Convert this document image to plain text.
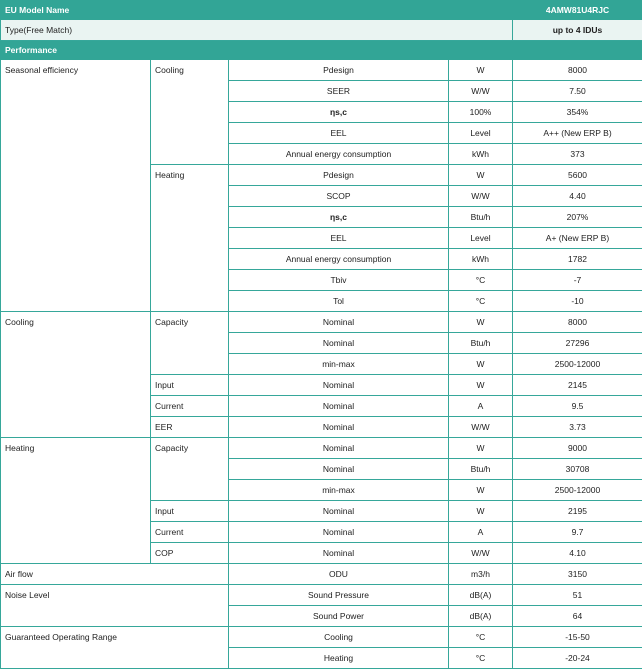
EU Model Name				4AMW81U4RJC
Type(Free Match)				up to 4 IDUs
Performance				
Seasonal efficiency	Cooling	Pdesign	W	8000
		SEER	W/W	7.50
		ηs,c	100%	354%
		EEL	Level	A++ (New ERP B)
		Annual energy consumption	kWh	373
	Heating	Pdesign	W	5600
		SCOP	W/W	4.40
		ηs,c	Btu/h	207%
		EEL	Level	A+ (New ERP B)
		Annual energy consumption	kWh	1782
		Tbiv	°C	-7
		Tol	°C	-10
Cooling	Capacity	Nominal	W	8000
		Nominal	Btu/h	27296
		min-max	W	2500-12000
	Input	Nominal	W	2145
	Current	Nominal	A	9.5
	EER	Nominal	W/W	3.73
Heating	Capacity	Nominal	W	9000
		Nominal	Btu/h	30708
		min-max	W	2500-12000
	Input	Nominal	W	2195
	Current	Nominal	A	9.7
	COP	Nominal	W/W	4.10
Air flow		ODU	m3/h	3150
Noise Level		Sound Pressure	dB(A)	51
		Sound Power	dB(A)	64
Guaranteed Operating Range		Cooling	°C	-15-50
		Heating	°C	-20-24
